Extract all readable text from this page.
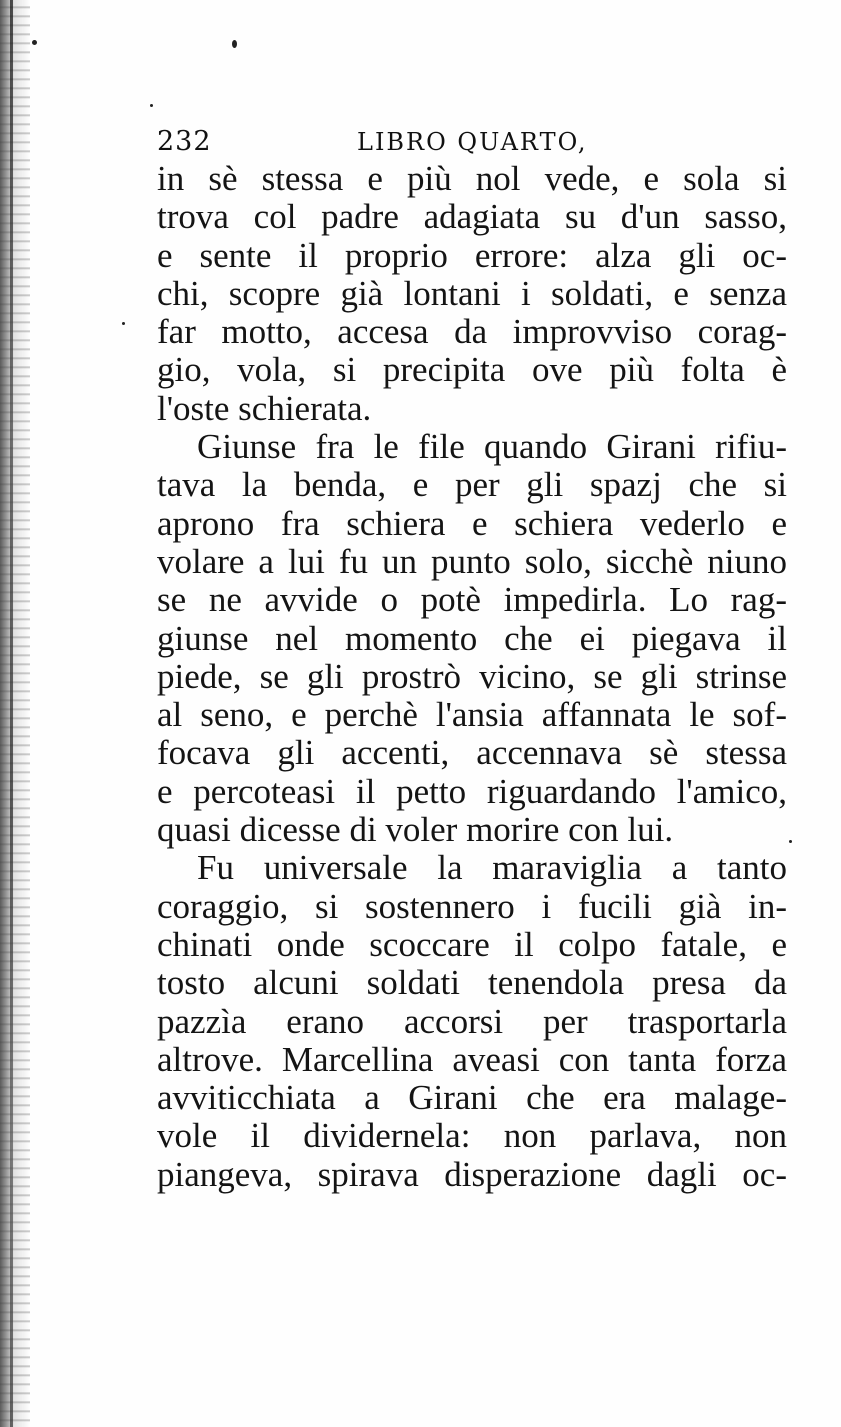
232	LIBRO QUARTO,
in sè stessa e più nol vede, e sola si
trova col padre adagiata su d'un sasso,
e sente il proprio errore: alza gli oc-
chi, scopre già lontani i soldati, e senza
far motto, accesa da improvviso corag-
gio, vola, si precipita ove più folta è
l'oste schierata.
Giunse fra le file quando Girani rifiu-
tava la benda, e per gli spazj che si
aprono fra schiera e schiera vederlo e
volare a lui fu un punto solo, sicchè niuno
se ne avvide o potè impedirla. Lo rag-
giunse nel momento che ei piegava il
piede, se gli prostrò vicino, se gli strinse
al seno, e perchè l'ansia affannata le sof-
focava gli accenti, accennava sè stessa
e percoteasi il petto riguardando l'amico,
quasi dicesse di voler morire con lui.
Fu universale la maraviglia a tanto
coraggio, si sostennero i fucili già in-
chinati onde scoccare il colpo fatale, e
tosto alcuni soldati tenendola presa da
pazzìa erano accorsi per trasportarla
altrove. Marcellina aveasi con tanta forza
avviticchiata a Girani che era malage-
vole il dividernela: non parlava, non
piangeva, spirava disperazione dagli oc-
